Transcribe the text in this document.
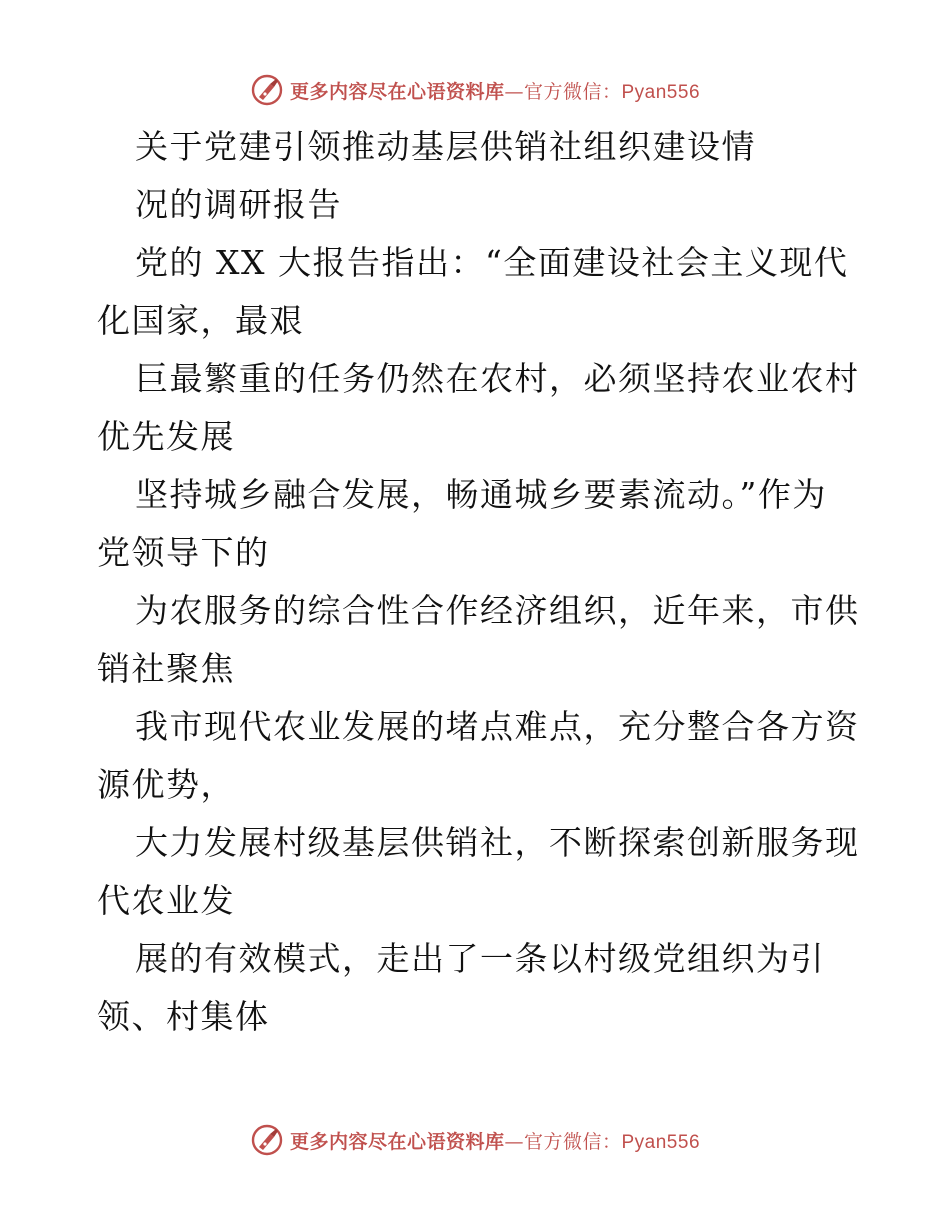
更多内容尽在心语资料库—官方微信：Pyan556
关于党建引领推动基层供销社组织建设情
况的调研报告
党的 XX 大报告指出：“全面建设社会主义现代
化国家，最艰
巨最繁重的任务仍然在农村，必须坚持农业农村
优先发展
坚持城乡融合发展，畅通城乡要素流动。”作为
党领导下的
为农服务的综合性合作经济组织，近年来，市供
销社聚焦
我市现代农业发展的堵点难点，充分整合各方资
源优势，
大力发展村级基层供销社，不断探索创新服务现
代农业发
展的有效模式，走出了一条以村级党组织为引
领、村集体
更多内容尽在心语资料库—官方微信：Pyan556
